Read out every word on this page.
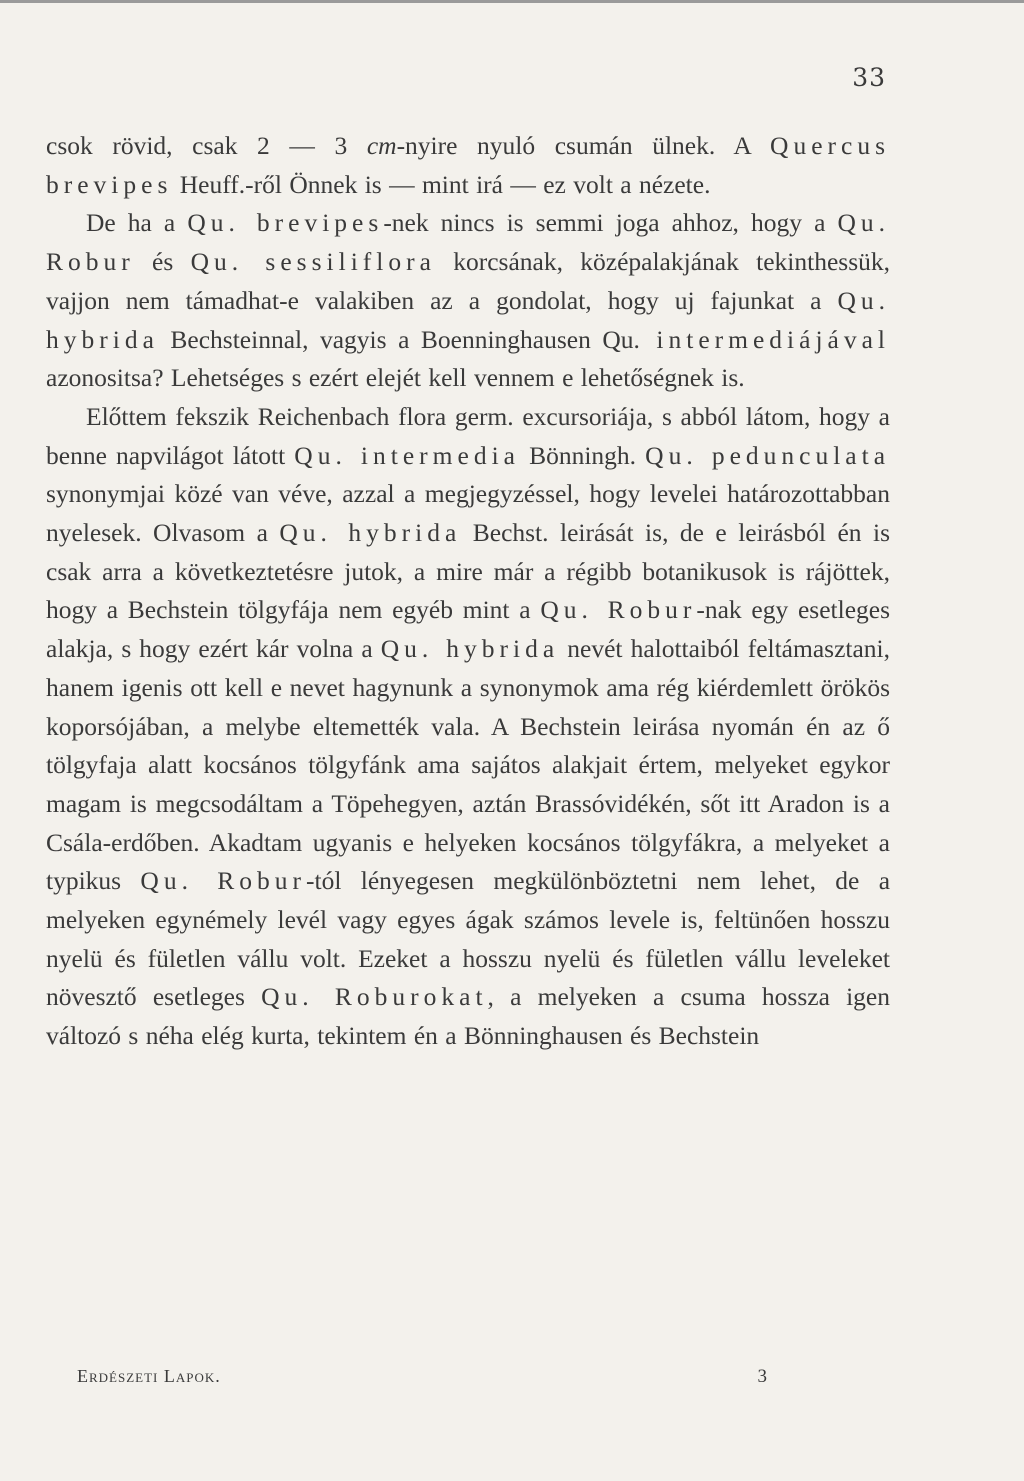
33

csok rövid, csak 2 — 3 cm-nyire nyuló csumán ülnek. A Quercus brevipes Heuff.-ről Önnek is — mint irá — ez volt a nézete.

De ha a Qu. brevipes-nek nincs is semmi joga ahhoz, hogy a Qu. Robur és Qu. sessiliflora korcsának, középalakjának tekinthessük, vajjon nem támadhat-e valakiben az a gondolat, hogy uj fajunkat a Qu. hybrida Bechsteinnal, vagyis a Boenninghausen Qu. intermediájával azonositsa? Lehetséges s ezért elejét kell vennem e lehetőségnek is.

Előttem fekszik Reichenbach flora germ. excursoriája, s abból látom, hogy a benne napvilágot látott Qu. intermedia Bönningh. Qu. pedunculata synonymjai közé van véve, azzal a megjegyzéssel, hogy levelei határozottabban nyelesek. Olvasom a Qu. hybrida Bechst. leirását is, de e leirásból én is csak arra a következtetésre jutok, a mire már a régibb botanikusok is rájöttek, hogy a Bechstein tölgyfája nem egyéb mint a Qu. Robur-nak egy esetleges alakja, s hogy ezért kár volna a Qu. hybrida nevét halottaiból feltámasztani, hanem igenis ott kell e nevet hagynunk a synonymok ama rég kiérdemlett örökös koporsójában, a melybe eltemették vala. A Bechstein leirása nyomán én az ő tölgyfaja alatt kocsános tölgyfánk ama sajátos alakjait értem, melyeket egykor magam is megcsodáltam a Töpehegyen, aztán Brassóvidékén, sőt itt Aradon is a Csála-erdőben. Akadtam ugyanis e helyeken kocsános tölgyfákra, a melyeket a typikus Qu. Robur-tól lényegesen megkülönböztetni nem lehet, de a melyeken egynémely levél vagy egyes ágak számos levele is, feltünően hosszu nyelü és fületlen vállu volt. Ezeket a hosszu nyelü és fületlen vállu leveleket növesztő esetleges Qu. Roburokat, a melyeken a csuma hossza igen változó s néha elég kurta, tekintem én a Bönninghausen és Bechstein

Erdészeti Lapok.	3
